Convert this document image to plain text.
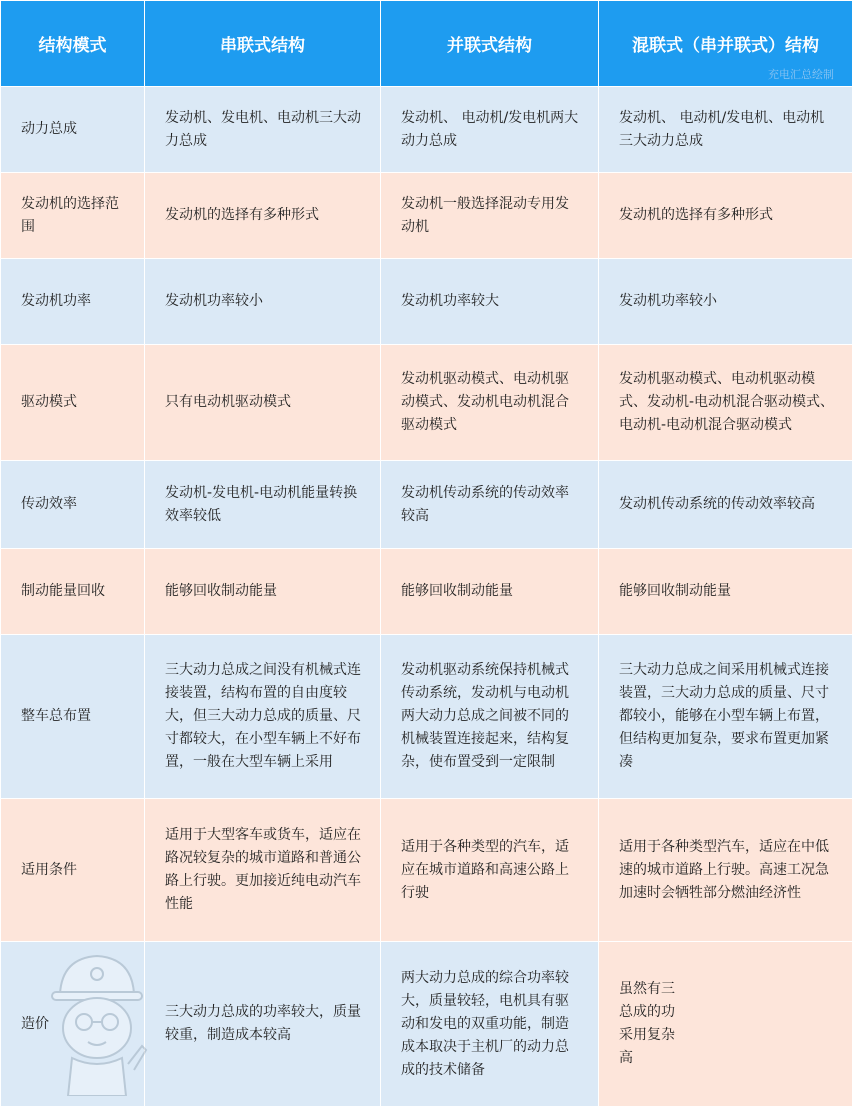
结构模式	串联式结构	并联式结构	混联式（串并联式）结构
充电汇总绘制

动力总成	发动机、发电机、电动机三大动力总成	发动机、 电动机/发电机两大动力总成	发动机、 电动机/发电机、电动机三大动力总成
发动机的选择范围	发动机的选择有多种形式	发动机一般选择混动专用发动机	发动机的选择有多种形式
发动机功率	发动机功率较小	发动机功率较大	发动机功率较小
驱动模式	只有电动机驱动模式	发动机驱动模式、电动机驱动模式、发动机电动机混合驱动模式	发动机驱动模式、电动机驱动模式、发动机-电动机混合驱动模式、电动机-电动机混合驱动模式
传动效率	发动机-发电机-电动机能量转换效率较低	发动机传动系统的传动效率较高	发动机传动系统的传动效率较高
制动能量回收	能够回收制动能量	能够回收制动能量	能够回收制动能量
整车总布置	三大动力总成之间没有机械式连接装置，结构布置的自由度较大，但三大动力总成的质量、尺寸都较大，在小型车辆上不好布置，一般在大型车辆上采用	发动机驱动系统保持机械式传动系统，发动机与电动机两大动力总成之间被不同的机械装置连接起来，结构复杂，使布置受到一定限制	三大动力总成之间采用机械式连接装置，三大动力总成的质量、尺寸都较小，能够在小型车辆上布置，但结构更加复杂，要求布置更加紧凑
适用条件	适用于大型客车或货车，适应在路况较复杂的城市道路和普通公路上行驶。更加接近纯电动汽车性能	适用于各种类型的汽车，适应在城市道路和高速公路上行驶	适用于各种类型汽车，适应在中低速的城市道路上行驶。高速工况急加速时会牺牲部分燃油经济性
造价	三大动力总成的功率较大，质量较重，制造成本较高	两大动力总成的综合功率较大，质量较轻，电机具有驱动和发电的双重功能，制造成本取决于主机厂的动力总成的技术储备	虽然有三
总成的功
采用复杂
高
